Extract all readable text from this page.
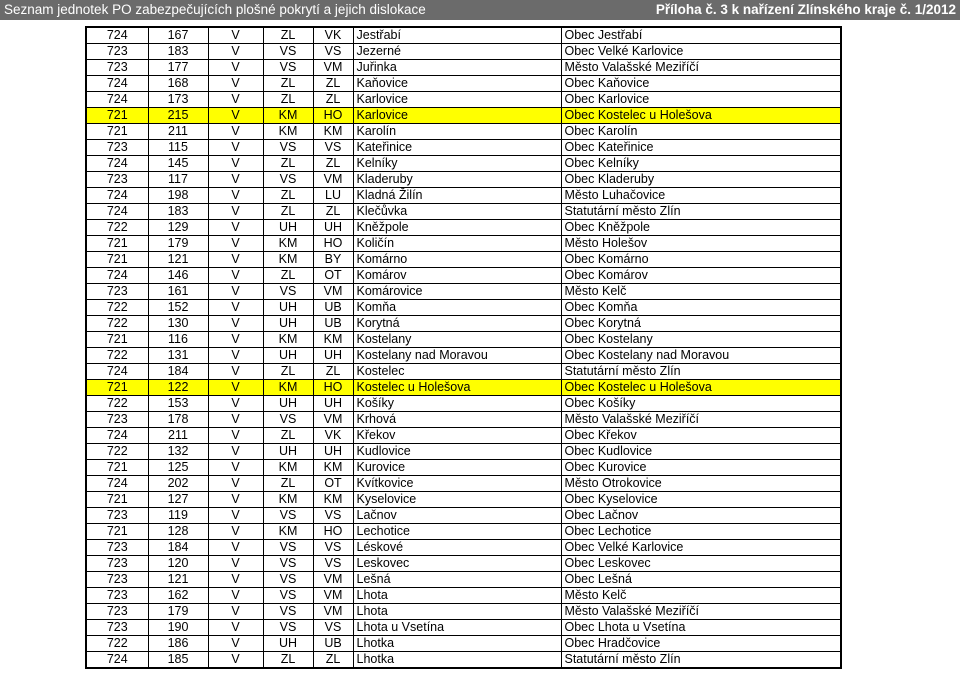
Seznam jednotek PO zabezpečujících plošné pokrytí a jejich dislokace	Příloha č. 3 k nařízení Zlínského kraje č. 1/2012
724	167	V	ZL	VK	Jestřabí	Obec Jestřabí
723	183	V	VS	VS	Jezerné	Obec Velké Karlovice
723	177	V	VS	VM	Juřinka	Město Valašské Meziříčí
724	168	V	ZL	ZL	Kaňovice	Obec Kaňovice
724	173	V	ZL	ZL	Karlovice	Obec Karlovice
721	215	V	KM	HO	Karlovice	Obec Kostelec u Holešova
721	211	V	KM	KM	Karolín	Obec Karolín
723	115	V	VS	VS	Kateřinice	Obec Kateřinice
724	145	V	ZL	ZL	Kelníky	Obec Kelníky
723	117	V	VS	VM	Kladeruby	Obec Kladeruby
724	198	V	ZL	LU	Kladná Žilín	Město Luhačovice
724	183	V	ZL	ZL	Klečůvka	Statutární město Zlín
722	129	V	UH	UH	Kněžpole	Obec Kněžpole
721	179	V	KM	HO	Količín	Město Holešov
721	121	V	KM	BY	Komárno	Obec Komárno
724	146	V	ZL	OT	Komárov	Obec Komárov
723	161	V	VS	VM	Komárovice	Město Kelč
722	152	V	UH	UB	Komňa	Obec Komňa
722	130	V	UH	UB	Korytná	Obec Korytná
721	116	V	KM	KM	Kostelany	Obec Kostelany
722	131	V	UH	UH	Kostelany nad Moravou	Obec Kostelany nad Moravou
724	184	V	ZL	ZL	Kostelec	Statutární město Zlín
721	122	V	KM	HO	Kostelec u Holešova	Obec Kostelec u Holešova
722	153	V	UH	UH	Košíky	Obec Košíky
723	178	V	VS	VM	Krhová	Město Valašské Meziříčí
724	211	V	ZL	VK	Křekov	Obec Křekov
722	132	V	UH	UH	Kudlovice	Obec Kudlovice
721	125	V	KM	KM	Kurovice	Obec Kurovice
724	202	V	ZL	OT	Kvítkovice	Město Otrokovice
721	127	V	KM	KM	Kyselovice	Obec Kyselovice
723	119	V	VS	VS	Lačnov	Obec Lačnov
721	128	V	KM	HO	Lechotice	Obec Lechotice
723	184	V	VS	VS	Léskové	Obec Velké Karlovice
723	120	V	VS	VS	Leskovec	Obec Leskovec
723	121	V	VS	VM	Lešná	Obec Lešná
723	162	V	VS	VM	Lhota	Město Kelč
723	179	V	VS	VM	Lhota	Město Valašské Meziříčí
723	190	V	VS	VS	Lhota u Vsetína	Obec Lhota u Vsetína
722	186	V	UH	UB	Lhotka	Obec Hradčovice
724	185	V	ZL	ZL	Lhotka	Statutární město Zlín
